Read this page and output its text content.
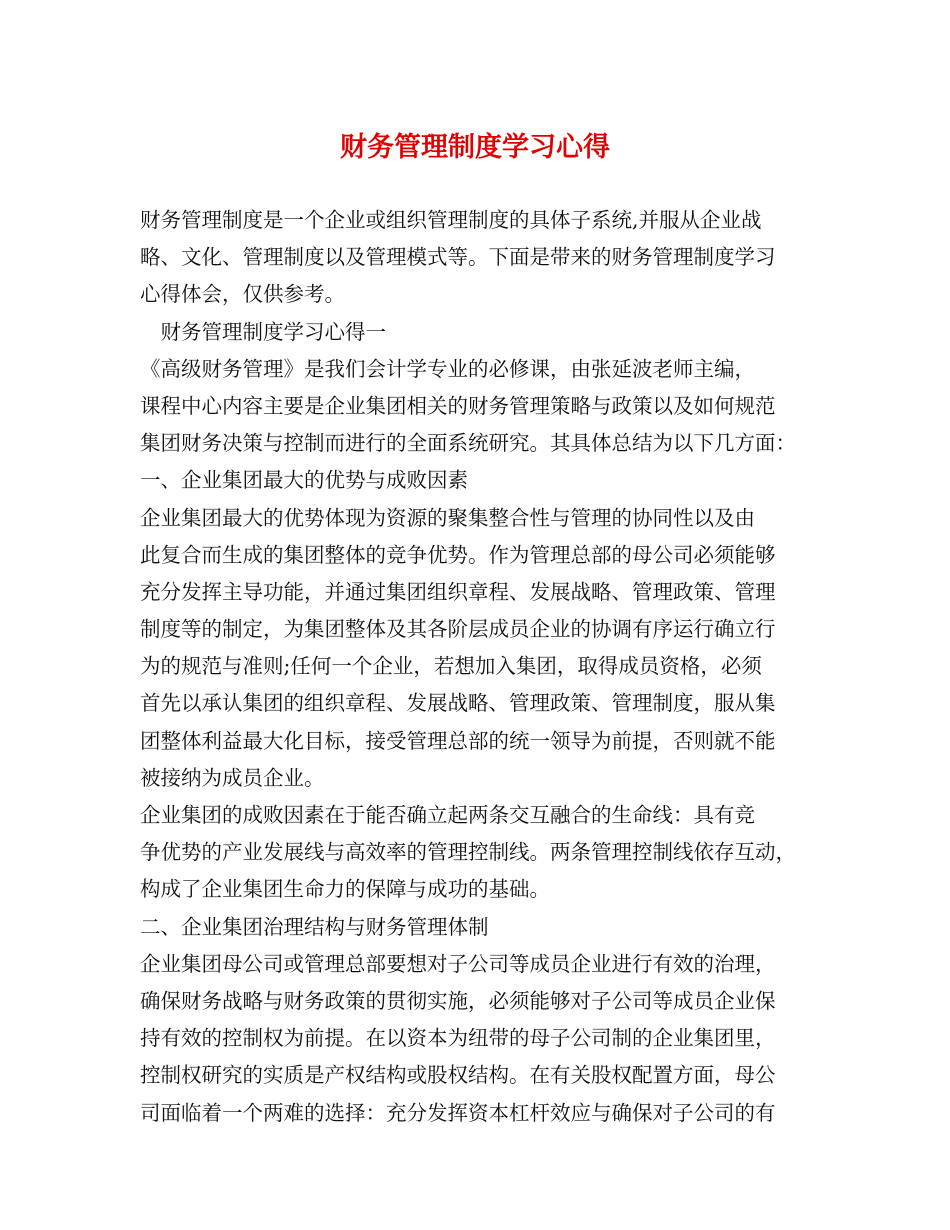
财务管理制度学习心得
财务管理制度是一个企业或组织管理制度的具体子系统,并服从企业战
略、文化、管理制度以及管理模式等。下面是带来的财务管理制度学习
心得体会，仅供参考。
　财务管理制度学习心得一
《高级财务管理》是我们会计学专业的必修课，由张延波老师主编，
课程中心内容主要是企业集团相关的财务管理策略与政策以及如何规范
集团财务决策与控制而进行的全面系统研究。其具体总结为以下几方面：
一、企业集团最大的优势与成败因素
企业集团最大的优势体现为资源的聚集整合性与管理的协同性以及由
此复合而生成的集团整体的竞争优势。作为管理总部的母公司必须能够
充分发挥主导功能，并通过集团组织章程、发展战略、管理政策、管理
制度等的制定，为集团整体及其各阶层成员企业的协调有序运行确立行
为的规范与准则;任何一个企业，若想加入集团，取得成员资格，必须
首先以承认集团的组织章程、发展战略、管理政策、管理制度，服从集
团整体利益最大化目标，接受管理总部的统一领导为前提，否则就不能
被接纳为成员企业。
企业集团的成败因素在于能否确立起两条交互融合的生命线：具有竞
争优势的产业发展线与高效率的管理控制线。两条管理控制线依存互动，
构成了企业集团生命力的保障与成功的基础。
二、企业集团治理结构与财务管理体制
企业集团母公司或管理总部要想对子公司等成员企业进行有效的治理，
确保财务战略与财务政策的贯彻实施，必须能够对子公司等成员企业保
持有效的控制权为前提。在以资本为纽带的母子公司制的企业集团里，
控制权研究的实质是产权结构或股权结构。在有关股权配置方面，母公
司面临着一个两难的选择：充分发挥资本杠杆效应与确保对子公司的有
